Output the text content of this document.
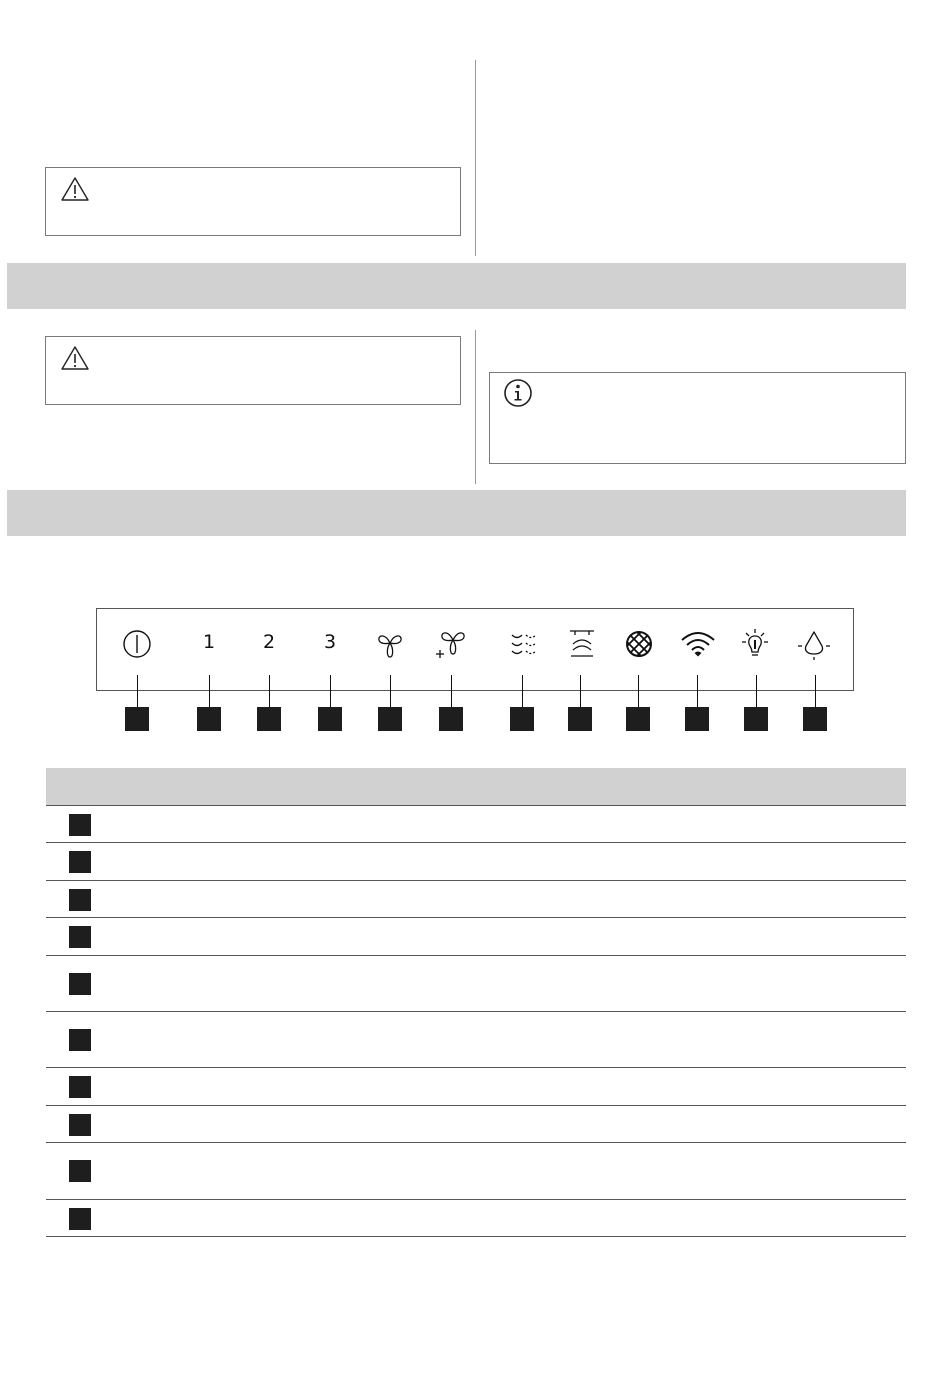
1	2	3
